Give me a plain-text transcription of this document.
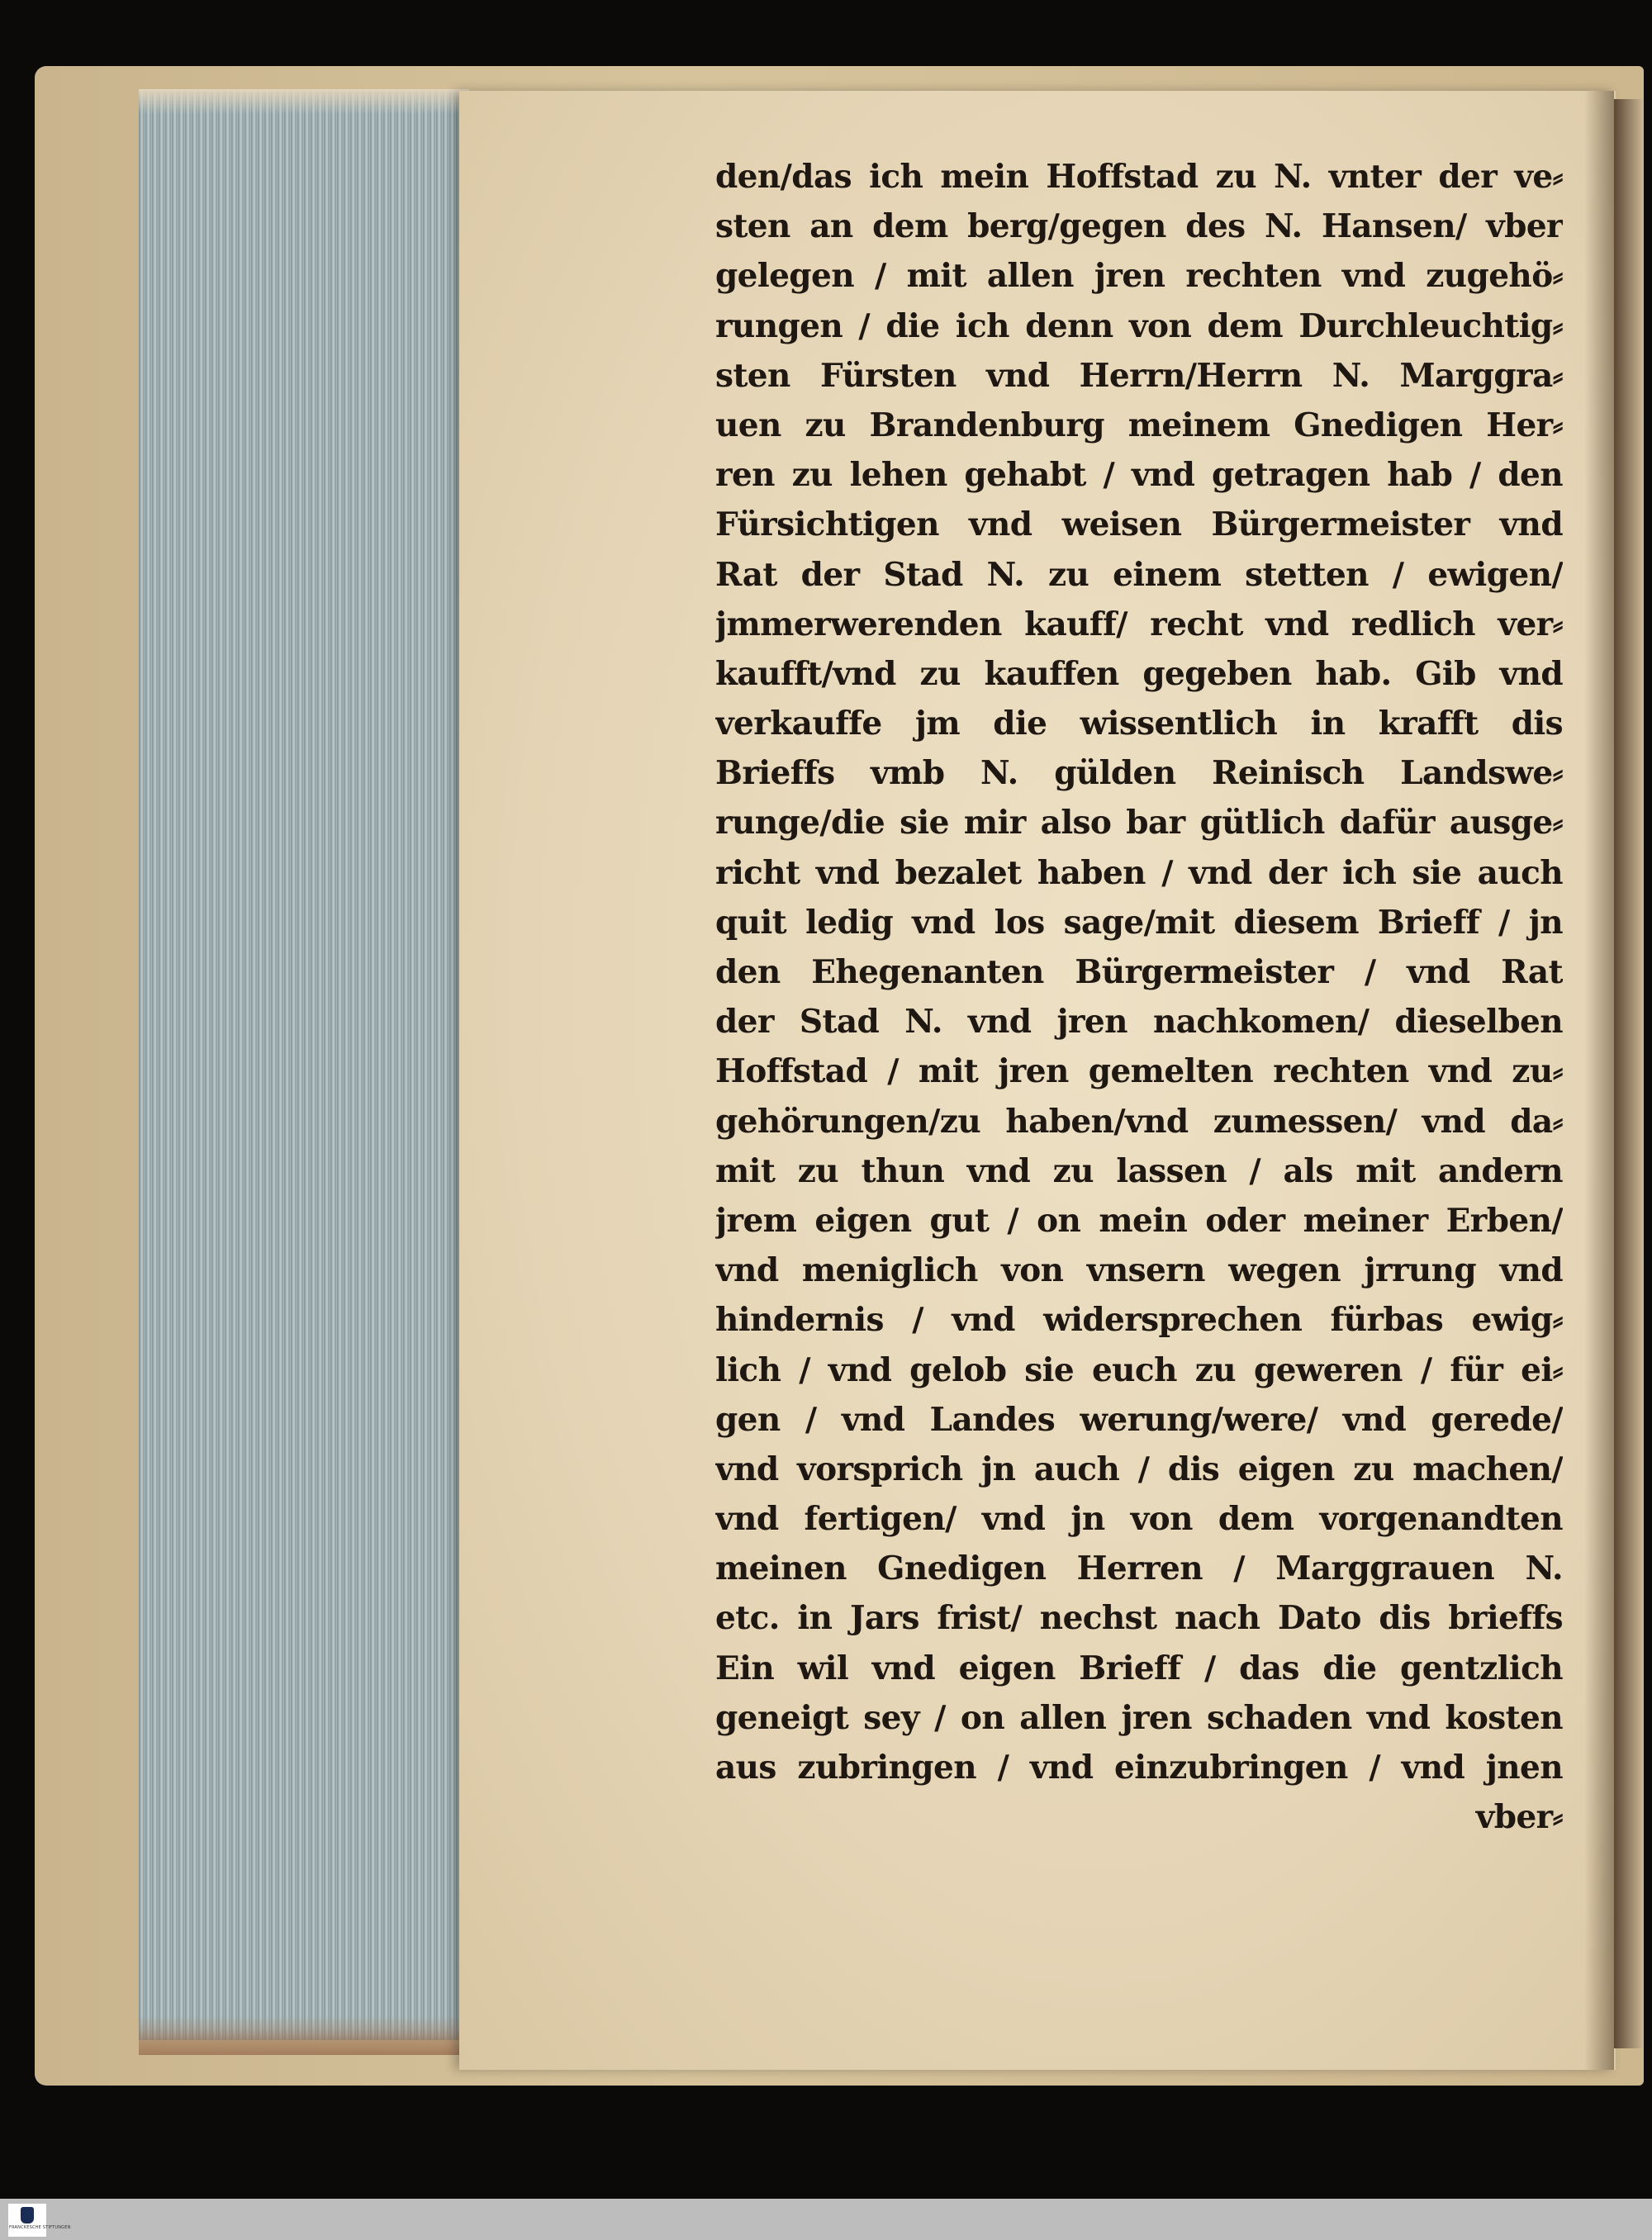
den/das ich mein Hoffstad zu N. vnter der ve⸗
sten an dem berg/gegen des N. Hansen/ vber
gelegen / mit allen jren rechten vnd zugehö⸗
rungen / die ich denn von dem Durchleuchtig⸗
sten Fürsten vnd Herrn/Herrn N. Marggra⸗
uen zu Brandenburg meinem Gnedigen Her⸗
ren zu lehen gehabt / vnd getragen hab / den
Fürsichtigen vnd weisen Bürgermeister vnd
Rat der Stad N. zu einem stetten / ewigen/
jmmerwerenden kauff/ recht vnd redlich ver⸗
kaufft/vnd zu kauffen gegeben hab. Gib vnd
verkauffe jm die wissentlich in krafft dis
Brieffs vmb N. gülden Reinisch Landswe⸗
runge/die sie mir also bar gütlich dafür ausge⸗
richt vnd bezalet haben / vnd der ich sie auch
quit ledig vnd los sage/mit diesem Brieff / jn
den Ehegenanten Bürgermeister / vnd Rat
der Stad N. vnd jren nachkomen/ dieselben
Hoffstad / mit jren gemelten rechten vnd zu⸗
gehörungen/zu haben/vnd zumessen/ vnd da⸗
mit zu thun vnd zu lassen / als mit andern
jrem eigen gut / on mein oder meiner Erben/
vnd meniglich von vnsern wegen jrrung vnd
hindernis / vnd widersprechen fürbas ewig⸗
lich / vnd gelob sie euch zu geweren / für ei⸗
gen / vnd Landes werung/were/ vnd gerede/
vnd vorsprich jn auch / dis eigen zu machen/
vnd fertigen/ vnd jn von dem vorgenandten
meinen Gnedigen Herren / Marggrauen N.
etc. in Jars frist/ nechst nach Dato dis brieffs
Ein wil vnd eigen Brieff / das die gentzlich
geneigt sey / on allen jren schaden vnd kosten
aus zubringen / vnd einzubringen / vnd jnen
vber⸗
FRANCKESCHE STIFTUNGEN
